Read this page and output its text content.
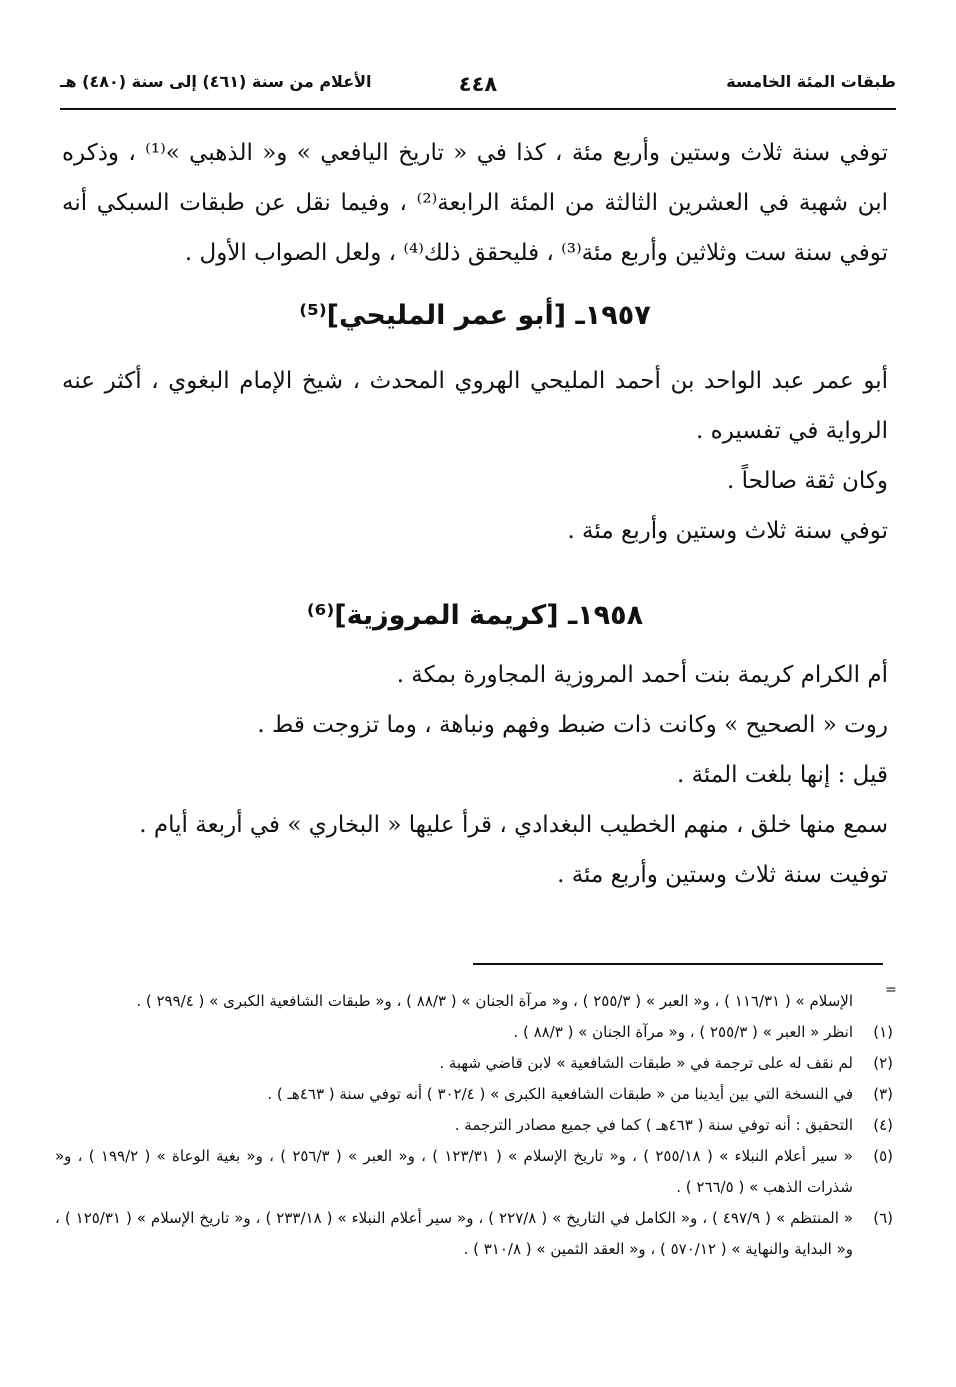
طبقات المئة الخامسة
٤٤٨
الأعلام من سنة (٤٦١) إلى سنة (٤٨٠) هـ

توفي سنة ثلاث وستين وأربع مئة ، كذا في « تاريخ اليافعي » و« الذهبي »⁽¹⁾ ، وذكره ابن شهبة في العشرين الثالثة من المئة الرابعة⁽²⁾ ، وفيما نقل عن طبقات السبكي أنه توفي سنة ست وثلاثين وأربع مئة⁽³⁾ ، فليحقق ذلك⁽⁴⁾ ، ولعل الصواب الأول .

١٩٥٧ـ [أبو عمر المليحي]⁽⁵⁾

أبو عمر عبد الواحد بن أحمد المليحي الهروي المحدث ، شيخ الإمام البغوي ، أكثر عنه الرواية في تفسيره .

وكان ثقة صالحاً .

توفي سنة ثلاث وستين وأربع مئة .

١٩٥٨ـ [كريمة المروزية]⁽⁶⁾

أم الكرام كريمة بنت أحمد المروزية المجاورة بمكة .

روت « الصحيح » وكانت ذات ضبط وفهم ونباهة ، وما تزوجت قط .

قيل : إنها بلغت المئة .

سمع منها خلق ، منهم الخطيب البغدادي ، قرأ عليها « البخاري » في أربعة أيام .

توفيت سنة ثلاث وستين وأربع مئة .

=
الإسلام » ( ١١٦/٣١ ) ، و« العبر » ( ٢٥٥/٣ ) ، و« مرآة الجنان » ( ٨٨/٣ ) ، و« طبقات الشافعية الكبرى » ( ٢٩٩/٤ ) .
(١)
انظر « العبر » ( ٢٥٥/٣ ) ، و« مرآة الجنان » ( ٨٨/٣ ) .
(٢)
لم نقف له على ترجمة في « طبقات الشافعية » لابن قاضي شهبة .
(٣)
في النسخة التي بين أيدينا من « طبقات الشافعية الكبرى » ( ٣٠٢/٤ ) أنه توفي سنة ( ٤٦٣هـ ) .
(٤)
التحقيق : أنه توفي سنة ( ٤٦٣هـ ) كما في جميع مصادر الترجمة .
(٥)
« سير أعلام النبلاء » ( ٢٥٥/١٨ ) ، و« تاريخ الإسلام » ( ١٢٣/٣١ ) ، و« العبر » ( ٢٥٦/٣ ) ، و« بغية الوعاة » ( ١٩٩/٢ ) ، و« شذرات الذهب » ( ٢٦٦/٥ ) .
(٦)
« المنتظم » ( ٤٩٧/٩ ) ، و« الكامل في التاريخ » ( ٢٢٧/٨ ) ، و« سير أعلام النبلاء » ( ٢٣٣/١٨ ) ، و« تاريخ الإسلام » ( ١٢٥/٣١ ) ، و« البداية والنهاية » ( ٥٧٠/١٢ ) ، و« العقد الثمين » ( ٣١٠/٨ ) .
